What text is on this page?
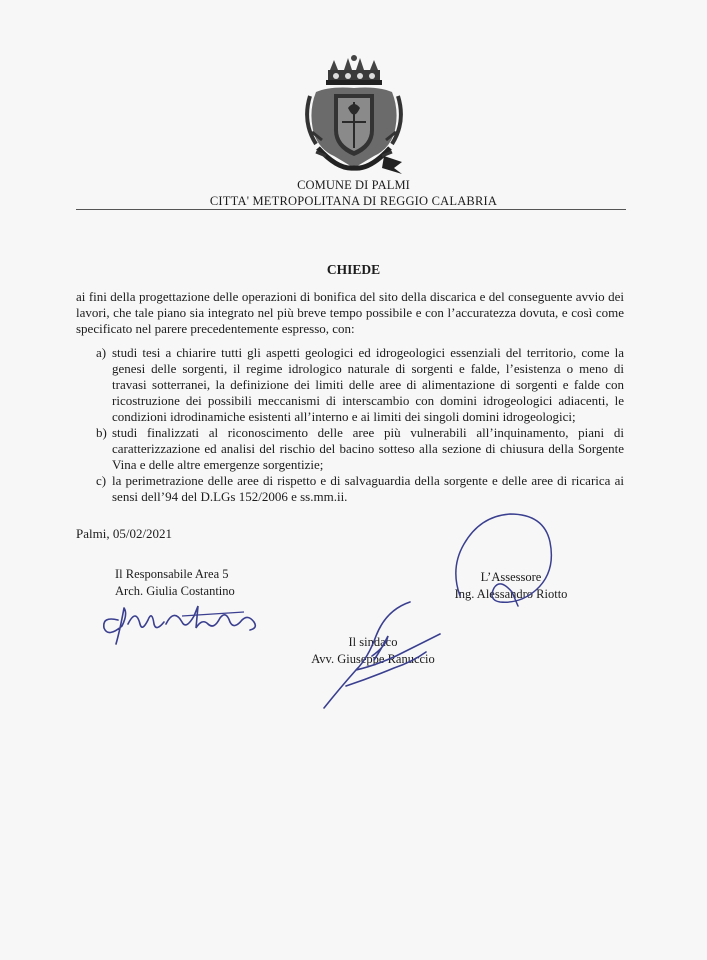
COMUNE DI PALMI
CITTA' METROPOLITANA DI REGGIO CALABRIA
CHIEDE
ai fini della progettazione delle operazioni di bonifica del sito della discarica e del conseguente avvio dei lavori, che tale piano sia integrato nel più breve tempo possibile e con l’accuratezza dovuta, e così come specificato nel parere precedentemente espresso, con:
a) studi tesi a chiarire tutti gli aspetti geologici ed idrogeologici essenziali del territorio, come la genesi delle sorgenti, il regime idrologico naturale di sorgenti e falde, l’esistenza o meno di travasi sotterranei, la definizione dei limiti delle aree di alimentazione di sorgenti e falde con ricostruzione dei possibili meccanismi di interscambio con domini idrogeologici adiacenti, le condizioni idrodinamiche esistenti all’interno e ai limiti dei singoli domini idrogeologici;
b) studi finalizzati al riconoscimento delle aree più vulnerabili all’inquinamento, piani di caratterizzazione ed analisi del rischio del bacino sotteso alla sezione di chiusura della Sorgente Vina e delle altre emergenze sorgentizie;
c) la perimetrazione delle aree di rispetto e di salvaguardia della sorgente e delle aree di ricarica ai sensi dell’94 del D.LGs 152/2006 e ss.mm.ii.
Palmi, 05/02/2021
Il Responsabile Area 5
Arch. Giulia Costantino
L’Assessore
Ing. Alessandro Riotto
Il sindaco
Avv. Giuseppe Ranuccio
